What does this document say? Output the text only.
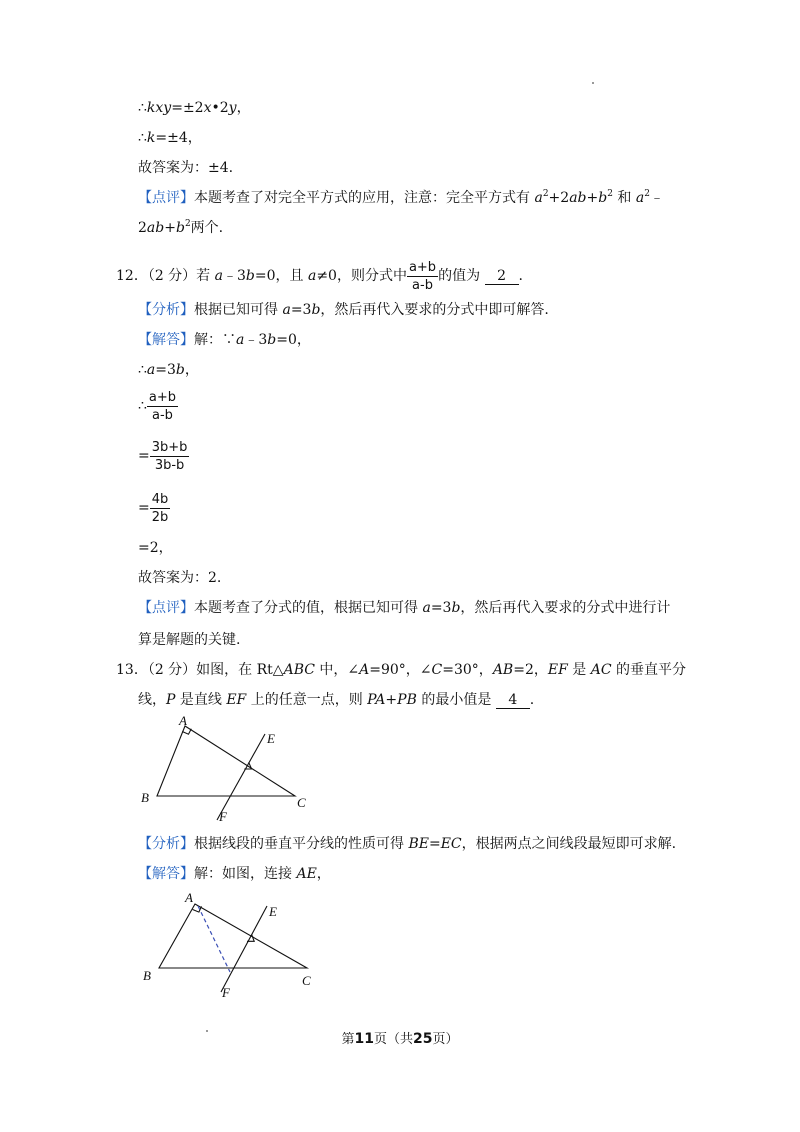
∴kxy=±2x•2y，
∴k=±4，
故答案为：±4.
【点评】本题考查了对完全平方式的应用，注意：完全平方式有 $a^2+2ab+b^2$ 和 $a^2﹣$
$2ab+b^2$两个.
12．（2 分）若 a﹣3b=0，且 a≠0，则分式中 $\frac{a+b}{a-b}$ 的值为 2 .
【分析】根据已知可得 a=3b，然后再代入要求的分式中即可解答.
【解答】解：∵a﹣3b=0，
∴a=3b，
∴ $\frac{a+b}{a-b}$
= $\frac{3b+b}{3b-b}$
= $\frac{4b}{2b}$
=2，
故答案为：2.
【点评】本题考查了分式的值，根据已知可得 a=3b，然后再代入要求的分式中进行计
算是解题的关键.
13．（2 分）如图，在 Rt△ABC 中，∠A=90°，∠C=30°，AB=2，EF 是 AC 的垂直平分
线，P 是直线 EF 上的任意一点，则 PA+PB 的最小值是 4 .
A
B	C
E
F
【分析】根据线段的垂直平分线的性质可得 BE=EC，根据两点之间线段最短即可求解.
【解答】解：如图，连接 AE，
A
B	C
E
F
第11页（共25页）
